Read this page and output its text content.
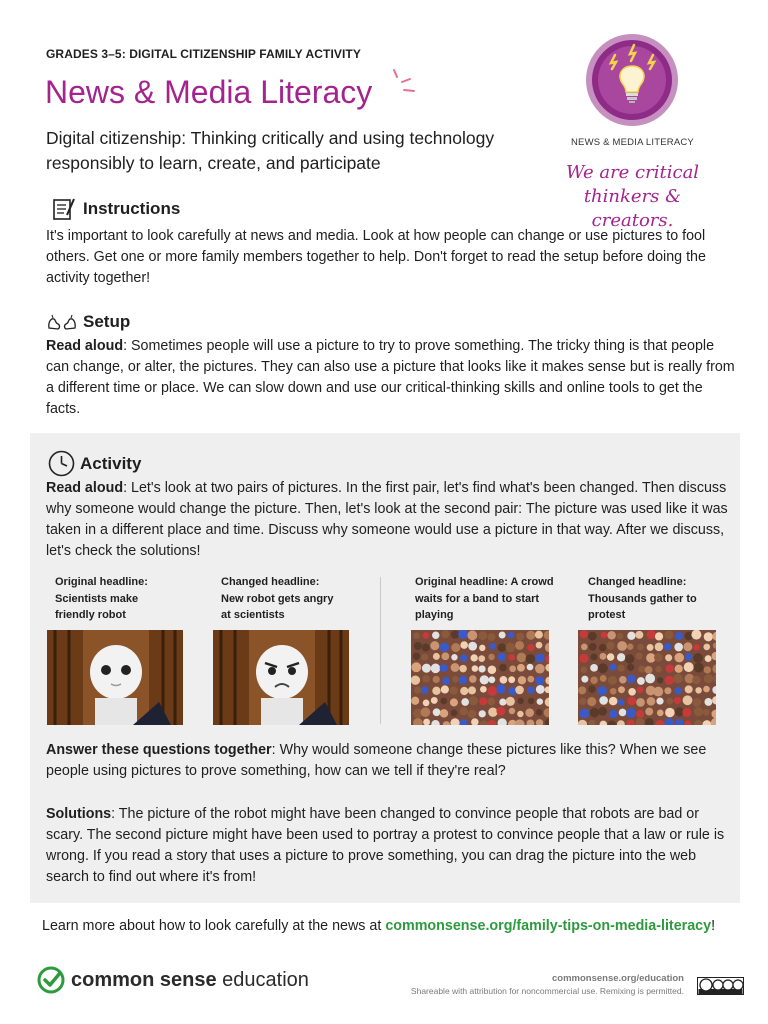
GRADES 3–5: DIGITAL CITIZENSHIP FAMILY ACTIVITY
News & Media Literacy
Digital citizenship: Thinking critically and using technology responsibly to learn, create, and participate
NEWS & MEDIA LITERACY
We are critical thinkers & creators.
Instructions
It's important to look carefully at news and media. Look at how people can change or use pictures to fool others. Get one or more family members together to help. Don't forget to read the setup before doing the activity together!
Setup
Read aloud: Sometimes people will use a picture to try to prove something. The tricky thing is that people can change, or alter, the pictures. They can also use a picture that looks like it makes sense but is really from a different time or place. We can slow down and use our critical-thinking skills and online tools to get the facts.
Activity
Read aloud: Let's look at two pairs of pictures. In the first pair, let's find what's been changed. Then discuss why someone would change the picture. Then, let's look at the second pair: The picture was used like it was taken in a different place and time. Discuss why someone would use a picture in that way. After we discuss, let's check the solutions!
Original headline: Scientists make friendly robot
Changed headline: New robot gets angry at scientists
Original headline: A crowd waits for a band to start playing
Changed headline: Thousands gather to protest
Answer these questions together: Why would someone change these pictures like this? When we see people using pictures to prove something, how can we tell if they're real?
Solutions: The picture of the robot might have been changed to convince people that robots are bad or scary. The second picture might have been used to portray a protest to convince people that a law or rule is wrong. If you read a story that uses a picture to prove something, you can drag the picture into the web search to find out where it's from!
Learn more about how to look carefully at the news at commonsense.org/family-tips-on-media-literacy!
common sense education	commonsense.org/education
Shareable with attribution for noncommercial use. Remixing is permitted.
